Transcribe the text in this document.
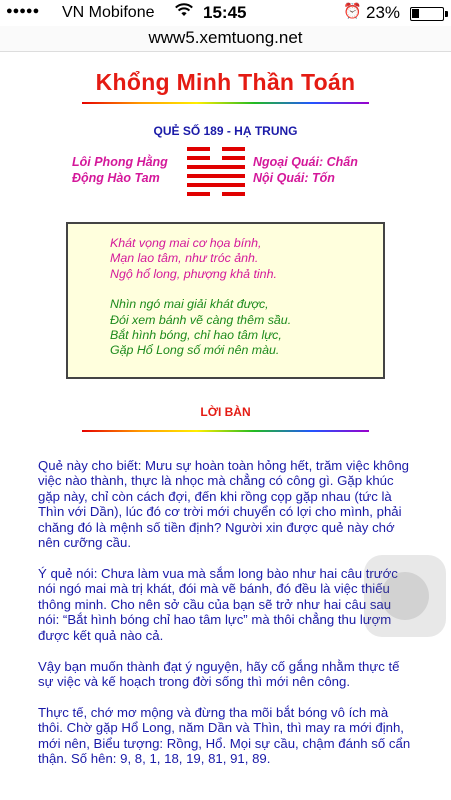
●●●●● VN Mobifone	15:45	⏰ 23%
www5.xemtuong.net
Khổng Minh Thần Toán
QUẺ SỐ 189 - HẠ TRUNG
Lôi Phong Hằng
Động Hào Tam
Ngoại Quái: Chấn
Nội Quái: Tốn
Khát vọng mai cơ họa bính,
Mạn lao tâm, như tróc ảnh.
Ngộ hổ long, phượng khả tinh.
Nhìn ngó mai giải khát được,
Đói xem bánh vẽ càng thêm sầu.
Bắt hình bóng, chỉ hao tâm lực,
Gặp Hổ Long số mới nên màu.
LỜI BÀN

Quẻ này cho biết: Mưu sự hoàn toàn hỏng hết, trăm việc không việc nào thành, thực là nhọc mà chẳng có công gì. Gặp khúc gặp này, chỉ còn cách đợi, đến khi rồng cọp gặp nhau (tức là Thìn với Dần), lúc đó cơ trời mới chuyển có lợi cho mình, phải chăng đó là mệnh số tiền định? Người xin được quẻ này chớ nên cưỡng cầu.

Ý quẻ nói: Chưa làm vua mà sắm long bào như hai câu trước nói ngó mai mà trị khát, đói mà vẽ bánh, đó đều là việc thiếu thông minh. Cho nên sở cầu của bạn sẽ trở như hai câu sau nói: “Bắt hình bóng chỉ hao tâm lực” mà thôi chẳng thu lượm được kết quả nào cả.

Vậy bạn muốn thành đạt ý nguyện, hãy cố gắng nhằm thực tế sự việc và kế hoạch trong đời sống thì mới nên công.

Thực tế, chớ mơ mộng và đừng tha mõi bắt bóng vô ích mà thôi. Chờ gặp Hổ Long, năm Dần và Thìn, thì may ra mới định, mới nên, Biểu tượng: Rồng, Hổ. Mọi sự cầu, chậm đánh số cẩn thận. Số hên: 9, 8, 1, 18, 19, 81, 91, 89.
